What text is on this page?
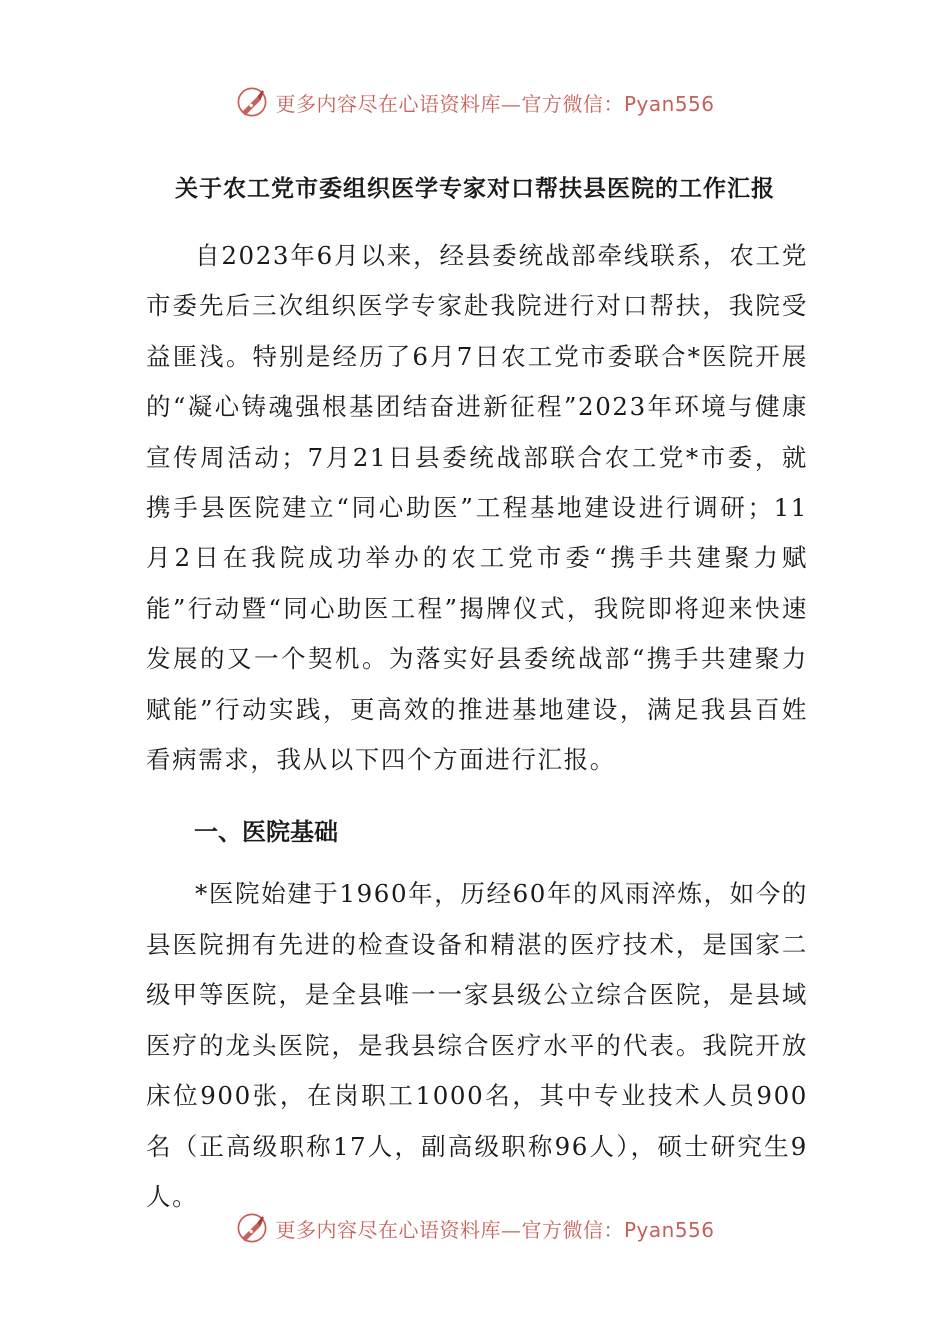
更多内容尽在心语资料库—官方微信：Pyan556
关于农工党市委组织医学专家对口帮扶县医院的工作汇报

自2023年6月以来，经县委统战部牵线联系，农工党市委先后三次组织医学专家赴我院进行对口帮扶，我院受益匪浅。特别是经历了6月7日农工党市委联合*医院开展的“凝心铸魂强根基团结奋进新征程”2023年环境与健康宣传周活动；7月21日县委统战部联合农工党*市委，就携手县医院建立“同心助医”工程基地建设进行调研；11月2日在我院成功举办的农工党市委“携手共建聚力赋能”行动暨“同心助医工程”揭牌仪式，我院即将迎来快速发展的又一个契机。为落实好县委统战部“携手共建聚力赋能”行动实践，更高效的推进基地建设，满足我县百姓看病需求，我从以下四个方面进行汇报。

一、医院基础

*医院始建于1960年，历经60年的风雨淬炼，如今的县医院拥有先进的检查设备和精湛的医疗技术，是国家二级甲等医院，是全县唯一一家县级公立综合医院，是县域医疗的龙头医院，是我县综合医疗水平的代表。我院开放床位900张，在岗职工1000名，其中专业技术人员900名（正高级职称17人，副高级职称96人），硕士研究生9人。

更多内容尽在心语资料库—官方微信：Pyan556
